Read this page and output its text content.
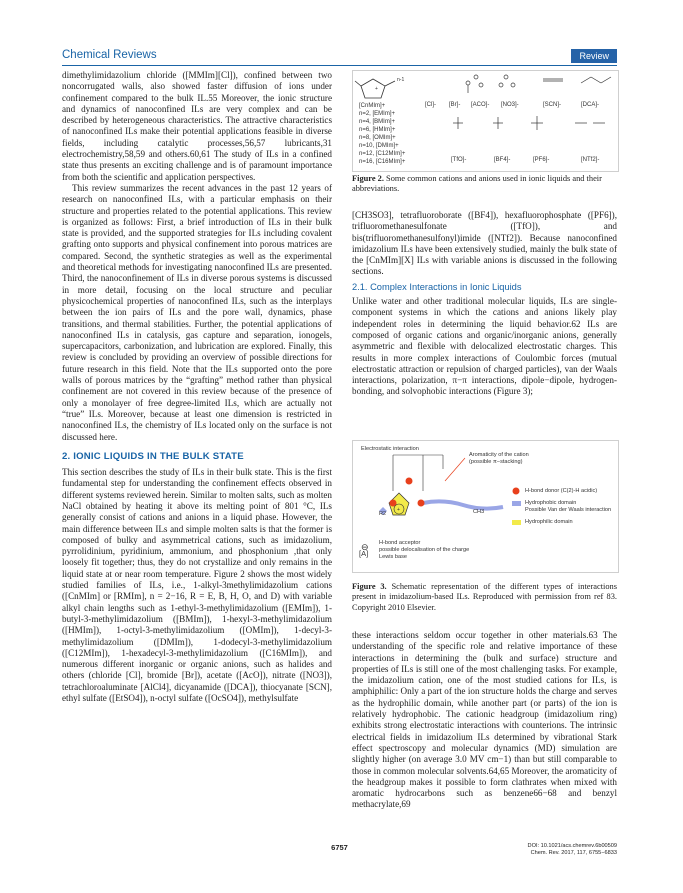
Chemical Reviews	Review

dimethylimidazolium chloride ([MMIm][Cl]), confined between two noncorrugated walls, also showed faster diffusion of ions under confinement compared to the bulk IL.55 Moreover, the ionic structure and dynamics of nanoconfined ILs are very complex and can be described by heterogeneous characteristics. The attractive characteristics of nanoconfined ILs make their potential applications feasible in diverse fields, including catalytic processes,56,57 lubricants,31 electrochemistry,58,59 and others.60,61 The study of ILs in a confined state thus presents an exciting challenge and is of paramount importance from both the scientific and application perspectives.

This review summarizes the recent advances in the past 12 years of research on nanoconfined ILs, with a particular emphasis on their structure and properties related to the potential applications. This review is organized as follows: First, a brief introduction of ILs in their bulk state is provided, and the supported strategies for ILs including covalent grafting onto supports and physical confinement into porous matrices are compared. Second, the synthetic strategies as well as the experimental and theoretical methods for investigating nanoconfined ILs are presented. Third, the nanoconfinement of ILs in diverse porous systems is discussed in more detail, focusing on the local structure and peculiar physicochemical properties of nanoconfined ILs, such as the interplays between the ion pairs of ILs and the pore wall, dynamics, phase transitions, and thermal stabilities. Further, the potential applications of nanoconfined ILs in catalysis, gas capture and separation, ionogels, supercapacitors, carbonization, and lubrication are explored. Finally, this review is concluded by providing an overview of possible directions for future research in this field. Note that the ILs supported onto the pore walls of porous matrices by the “grafting” method rather than physical confinement are not covered in this review because of the presence of only a monolayer of free degree-limited ILs, which are actually not “true” ILs. Moreover, because at least one dimension is restricted in nanoconfined ILs, the chemistry of ILs located only on the surface is not discussed here.

2. IONIC LIQUIDS IN THE BULK STATE

This section describes the study of ILs in their bulk state. This is the first fundamental step for understanding the confinement effects observed in different systems reviewed herein. Similar to molten salts, such as molten NaCl obtained by heating it above its melting point of 801 °C, ILs generally consist of cations and anions in a liquid phase. However, the main difference between ILs and simple molten salts is that the former is composed of bulky and asymmetrical cations, such as imidazolium, pyrrolidinium, pyridinium, ammonium, and phosphonium ,that only loosely fit together; thus, they do not crystallize and only remains in the liquid state at or near room temperature. Figure 2 shows the most widely studied families of ILs, i.e., 1-alkyl-3methylimidazolium cations ([CnMIm] or [RMIm], n = 2−16, R = E, B, H, O, and D) with variable alkyl chain lengths such as 1-ethyl-3-methylimidazolium ([EMIm]), 1-butyl-3-methylimidazolium ([BMIm]), 1-hexyl-3-methylimidazolium ([HMIm]), 1-octyl-3-methylimidazolium ([OMIm]), 1-decyl-3-methylimidazolium ([DMIm]), 1-dodecyl-3-methylimidazolium ([C12MIm]), 1-hexadecyl-3-methylimidazolium ([C16MIm]), and numerous different inorganic or organic anions, such as halides and others (chloride [Cl], bromide [Br]), acetate ([AcO]), nitrate ([NO3]), tetrachloroaluminate [AlCl4], dicyanamide ([DCA]), thiocyanate [SCN], ethyl sulfate ([EtSO4]), n-octyl sulfate ([OcSO4]), methylsulfate

n-1
+
[CnMIm]+
n=2, [EMIm]+
n=4, [BMIm]+
n=6, [HMIm]+
n=8, [OMIm]+
n=10, [DMIm]+
n=12, [C12MIm]+
n=16, [C16MIm]+
[Cl]- [Br]- [ACO]- [NO3]-	[SCN]-	[DCA]-
[TfO]-	[BF4]-	[PF6]-	[NTf2]-
Figure 2. Some common cations and anions used in ionic liquids and their abbreviations.

[CH3SO3], tetrafluoroborate ([BF4]), hexafluorophosphate ([PF6]), trifluoromethanesulfonate ([TfO]), and bis(trifluoromethanesulfonyl)imide ([NTf2]). Because nanoconfined imidazolium ILs have been extensively studied, mainly the bulk state of the [CnMIm][X] ILs with variable anions is discussed in the following sections.

2.1. Complex Interactions in Ionic Liquids

Unlike water and other traditional molecular liquids, ILs are single-component systems in which the cations and anions likely play independent roles in determining the liquid behavior.62 ILs are composed of organic cations and organic/inorganic anions, generally asymmetric and flexible with delocalized electrostatic charges. This results in more complex interactions of Coulombic forces (mutual electrostatic attraction or repulsion of charged particles), van der Waals interactions, polarization, π−π interactions, dipole−dipole, hydrogen-bonding, and solvophobic interactions (Figure 3);

Electrostatic interaction
Aromaticity of the cation
(possible π−stacking)
+
⊖
R2	CH3
H-bond donor (C(2)-H acidic)
Hydrophobic domain
Possible Van der Waals interaction
Hydrophilic domain
[A]
H-bond acceptor
possible delocalisation of the charge
Lewis base
Figure 3. Schematic representation of the different types of interactions present in imidazolium-based ILs. Reproduced with permission from ref 83. Copyright 2010 Elsevier.

these interactions seldom occur together in other materials.63 The understanding of the specific role and relative importance of these interactions in determining the (bulk and surface) structure and properties of ILs is still one of the most challenging tasks. For example, the imidazolium cation, one of the most studied cations for ILs, is amphiphilic: Only a part of the ion structure holds the charge and serves as the hydrophilic domain, while another part (or parts) of the ion is relatively hydrophobic. The cationic headgroup (imidazolium ring) exhibits strong electrostatic interactions with counterions. The intrinsic electrical fields in imidazolium ILs determined by vibrational Stark effect spectroscopy and molecular dynamics (MD) simulation are slightly higher (on average 3.0 MV cm−1) than but still comparable to those in common molecular solvents.64,65 Moreover, the aromaticity of the headgroup makes it possible to form clathrates when mixed with aromatic hydrocarbons such as benzene66−68 and benzyl methacrylate,69

6757	DOI: 10.1021/acs.chemrev.6b00509
Chem. Rev. 2017, 117, 6755−6833
